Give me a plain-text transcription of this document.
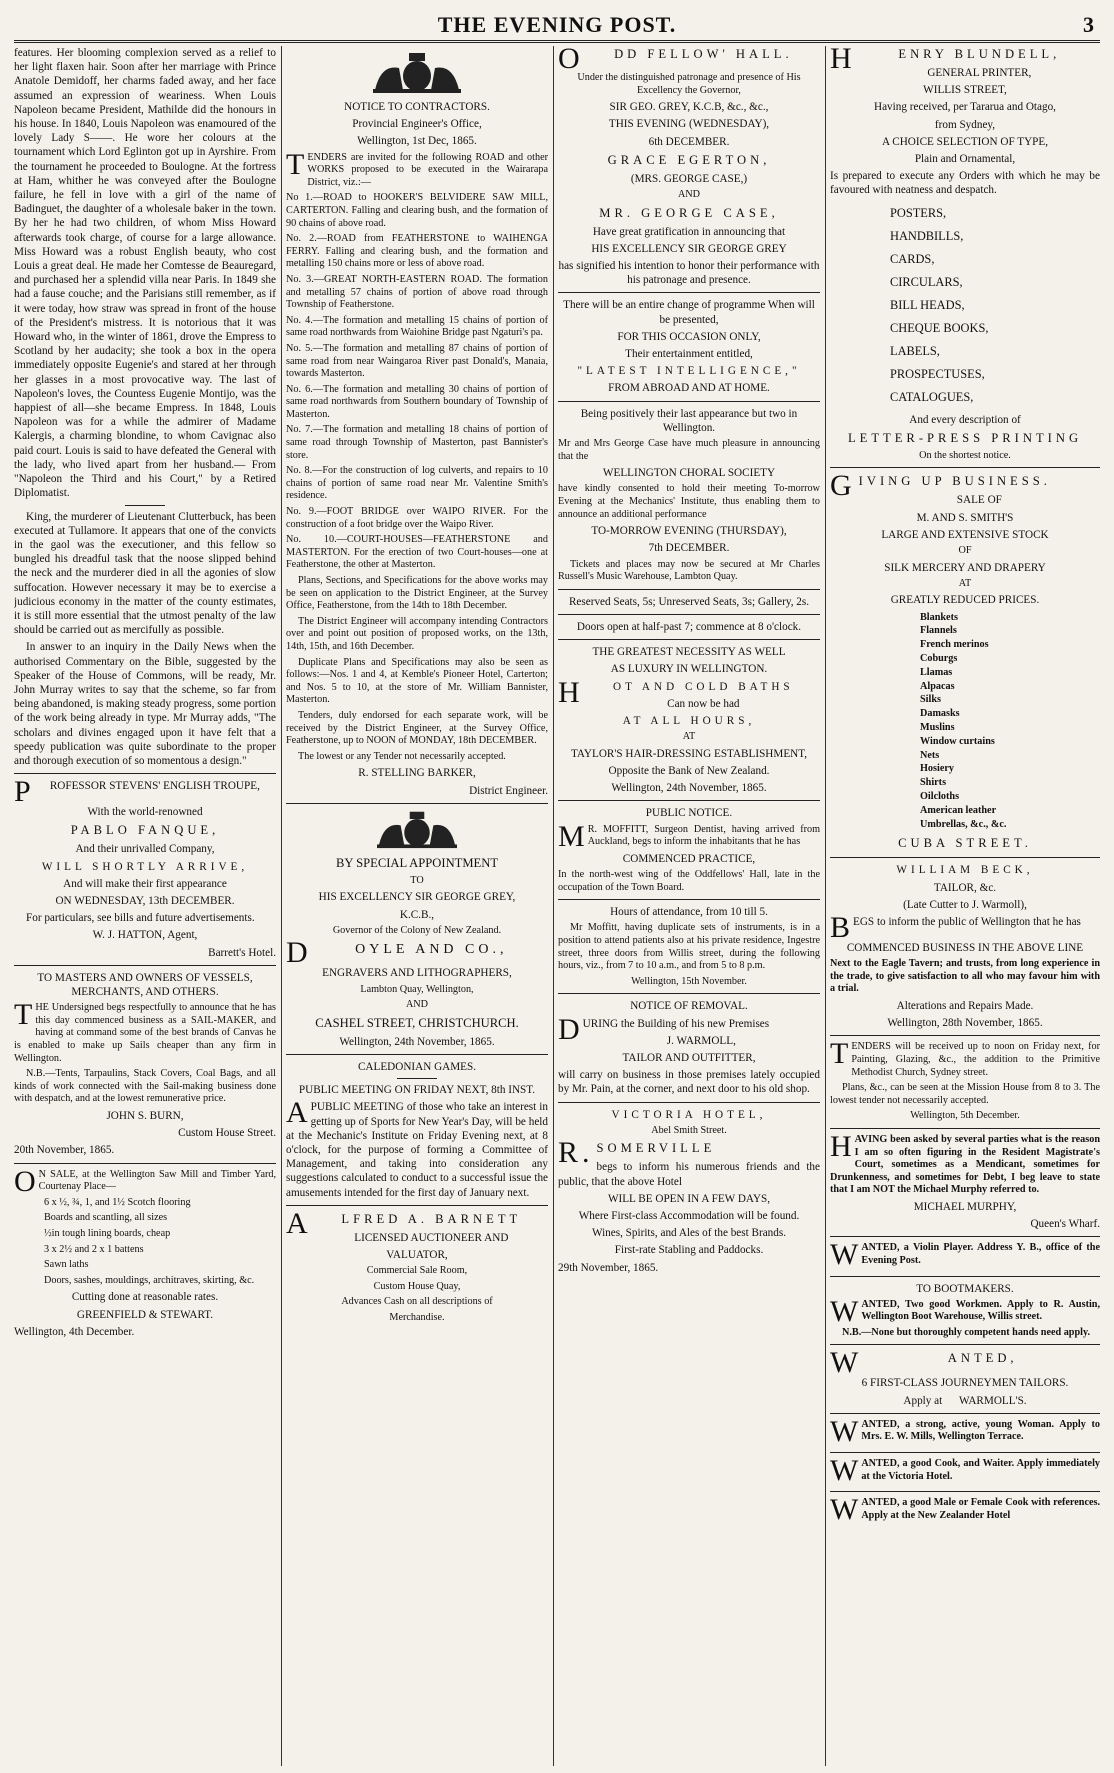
THE EVENING POST.	3

features. Her blooming complexion served as a relief to her light flaxen hair. Soon after her marriage with Prince Anatole Demidoff, her charms faded away, and her face assumed an expression of weariness. When Louis Napoleon became President, Mathilde did the honours in his house. In 1840, Louis Napoleon was enamoured of the lovely Lady S——. He wore her colours at the tournament which Lord Eglinton got up in Ayrshire. From the tournament he proceeded to Boulogne. At the fortress at Ham, whither he was conveyed after the Boulogne failure, he fell in love with a girl of the name of Badinguet, the daughter of a wholesale baker in the town. By her he had two children, of whom Miss Howard afterwards took charge, of course for a large allowance. Miss Howard was a robust English beauty, who cost Louis a great deal. He made her Comtesse de Beauregard, and purchased her a splendid villa near Paris. In 1849 she had a fause couche; and the Parisians still remember, as if it were today, how straw was spread in front of the house of the President's mistress. It is notorious that it was Howard who, in the winter of 1861, drove the Empress to Scotland by her audacity; she took a box in the opera immediately opposite Eugenie's and stared at her through her glasses in a most provocative way. The last of Napoleon's loves, the Countess Eugenie Montijo, was the happiest of all—she became Empress. In 1848, Louis Napoleon was for a while the admirer of Madame Kalergis, a charming blondine, to whom Cavignac also paid court. Louis is said to have defeated the General with the lady, who lived apart from her husband.— From "Napoleon the Third and his Court," by a Retired Diplomatist.

King, the murderer of Lieutenant Clutterbuck, has been executed at Tullamore. It appears that one of the convicts in the gaol was the executioner, and this fellow so bungled his dreadful task that the noose slipped behind the neck and the murderer died in all the agonies of slow suffocation. However necessary it may be to exercise a judicious economy in the matter of the county estimates, it is still more essential that the utmost penalty of the law should be carried out as mercifully as possible.

In answer to an inquiry in the Daily News when the authorised Commentary on the Bible, suggested by the Speaker of the House of Commons, will be ready, Mr. John Murray writes to say that the scheme, so far from being abandoned, is making steady progress, some portion of the work being already in type. Mr Murray adds, "The scholars and divines engaged upon it have felt that a speedy publication was quite subordinate to the proper and thorough execution of so momentous a design."

P ROFESSOR STEVENS' ENGLISH TROUPE,

With the world-renowned

PABLO FANQUE,

And their unrivalled Company,

WILL SHORTLY ARRIVE,

And will make their first appearance

ON WEDNESDAY, 13th DECEMBER.

For particulars, see bills and future advertisements.

W. J. HATTON, Agent,

Barrett's Hotel.

TO MASTERS AND OWNERS OF VESSELS, MERCHANTS, AND OTHERS.

THE Undersigned begs respectfully to announce that he has this day commenced business as a SAIL-MAKER, and having at command some of the best brands of Canvas he is enabled to make up Sails cheaper than any firm in Wellington.

N.B.—Tents, Tarpaulins, Stack Covers, Coal Bags, and all kinds of work connected with the Sail-making business done with despatch, and at the lowest remunerative price.

JOHN S. BURN,

Custom House Street.

20th November, 1865.

O N SALE, at the Wellington Saw Mill and Timber Yard, Courtenay Place—

6 x ½, ¾, 1, and 1½ Scotch flooring

Boards and scantling, all sizes

½in tough lining boards, cheap

3 x 2½ and 2 x 1 battens

Sawn laths

Doors, sashes, mouldings, architraves, skirting, &c.

Cutting done at reasonable rates.

GREENFIELD & STEWART.

Wellington, 4th December.

NOTICE TO CONTRACTORS.

Provincial Engineer's Office,

Wellington, 1st Dec, 1865.

TENDERS are invited for the following ROAD and other WORKS proposed to be executed in the Wairarapa District, viz.:—

No 1.—ROAD to HOOKER'S BELVIDERE SAW MILL, CARTERTON. Falling and clearing bush, and the formation of 90 chains of above road.

No. 2.—ROAD from FEATHERSTONE to WAIHENGA FERRY. Falling and clearing bush, and the formation and metalling 150 chains more or less of above road.

No. 3.—GREAT NORTH-EASTERN ROAD. The formation and metalling 57 chains of portion of above road through Township of Featherstone.

No. 4.—The formation and metalling 15 chains of portion of same road northwards from Waiohine Bridge past Ngaturi's pa.

No. 5.—The formation and metalling 87 chains of portion of same road from near Waingaroa River past Donald's, Manaia, towards Masterton.

No. 6.—The formation and metalling 30 chains of portion of same road northwards from Southern boundary of Township of Masterton.

No. 7.—The formation and metalling 18 chains of portion of same road through Township of Masterton, past Bannister's store.

No. 8.—For the construction of log culverts, and repairs to 10 chains of portion of same road near Mr. Valentine Smith's residence.

No. 9.—FOOT BRIDGE over WAIPO RIVER. For the construction of a foot bridge over the Waipo River.

No. 10.—COURT-HOUSES—FEATHERSTONE and MASTERTON. For the erection of two Court-houses—one at Featherstone, the other at Masterton.

Plans, Sections, and Specifications for the above works may be seen on application to the District Engineer, at the Survey Office, Featherstone, from the 14th to 18th December.

The District Engineer will accompany intending Contractors over and point out position of proposed works, on the 13th, 14th, 15th, and 16th December.

Duplicate Plans and Specifications may also be seen as follows:—Nos. 1 and 4, at Kemble's Pioneer Hotel, Carterton; and Nos. 5 to 10, at the store of Mr. William Bannister, Masterton.

Tenders, duly endorsed for each separate work, will be received by the District Engineer, at the Survey Office, Featherstone, up to NOON of MONDAY, 18th DECEMBER.

The lowest or any Tender not necessarily accepted.

R. STELLING BARKER,

District Engineer.

BY SPECIAL APPOINTMENT

TO

HIS EXCELLENCY SIR GEORGE GREY,

K.C.B.,

Governor of the Colony of New Zealand.

D	OYLE AND CO.,

ENGRAVERS AND LITHOGRAPHERS,

Lambton Quay, Wellington,

AND

CASHEL STREET, CHRISTCHURCH.

Wellington, 24th November, 1865.

CALEDONIAN GAMES.

PUBLIC MEETING ON FRIDAY NEXT, 8th INST.

APUBLIC MEETING of those who take an interest in getting up of Sports for New Year's Day, will be held at the Mechanic's Institute on Friday Evening next, at 8 o'clock, for the purpose of forming a Committee of Management, and taking into consideration any suggestions calculated to conduct to a successful issue the amusements intended for the first day of January next.

A LFRED A. BARNETT

LICENSED AUCTIONEER AND

VALUATOR,

Commercial Sale Room,

Custom House Quay,

Advances Cash on all descriptions of

Merchandise.

O DD FELLOW' HALL.

Under the distinguished patronage and presence of His Excellency the Governor,

SIR GEO. GREY, K.C.B, &c., &c.,

THIS EVENING (WEDNESDAY),

6th DECEMBER.

GRACE EGERTON,

(MRS. GEORGE CASE,)

AND

MR. GEORGE CASE,

Have great gratification in announcing that

HIS EXCELLENCY SIR GEORGE GREY

has signified his intention to honor their performance with his patronage and presence.

There will be an entire change of programme When will be presented,

FOR THIS OCCASION ONLY,

Their entertainment entitled,

"LATEST INTELLIGENCE,"

FROM ABROAD AND AT HOME.

Being positively their last appearance but two in Wellington.

Mr and Mrs George Case have much pleasure in announcing that the

WELLINGTON CHORAL SOCIETY

have kindly consented to hold their meeting To-morrow Evening at the Mechanics' Institute, thus enabling them to announce an additional performance

TO-MORROW EVENING (THURSDAY),

7th DECEMBER.

Tickets and places may now be secured at Mr Charles Russell's Music Warehouse, Lambton Quay.

Reserved Seats, 5s; Unreserved Seats, 3s; Gallery, 2s.

Doors open at half-past 7; commence at 8 o'clock.

THE GREATEST NECESSITY AS WELL

AS LUXURY IN WELLINGTON.

H	OT AND COLD BATHS

Can now be had

AT ALL HOURS,

AT

TAYLOR'S HAIR-DRESSING ESTABLISHMENT,

Opposite the Bank of New Zealand.

Wellington, 24th November, 1865.

PUBLIC NOTICE.

M R. MOFFITT, Surgeon Dentist, having arrived from Auckland, begs to inform the inhabitants that he has

COMMENCED PRACTICE,

In the north-west wing of the Oddfellows' Hall, late in the occupation of the Town Board.

Hours of attendance, from 10 till 5.

Mr Moffitt, having duplicate sets of instruments, is in a position to attend patients also at his private residence, Ingestre street, three doors from Willis street, during the following hours, viz., from 7 to 10 a.m., and from 5 to 8 p.m.

Wellington, 15th November.

NOTICE OF REMOVAL.

DURING the Building of his new Premises

J. WARMOLL,

TAILOR AND OUTFITTER,

will carry on business in those premises lately occupied by Mr. Pain, at the corner, and next door to his old shop.

VICTORIA HOTEL,

Abel Smith Street.

R. SOMERVILLE

begs to inform his numerous friends and the public, that the above Hotel

WILL BE OPEN IN A FEW DAYS,

Where First-class Accommodation will be found.

Wines, Spirits, and Ales of the best Brands.

First-rate Stabling and Paddocks.

29th November, 1865.

H	ENRY BLUNDELL,

GENERAL PRINTER,

WILLIS STREET,

Having received, per Tararua and Otago,

from Sydney,

A CHOICE SELECTION OF TYPE,

Plain and Ornamental,

Is prepared to execute any Orders with which he may be favoured with neatness and despatch.

POSTERS,
HANDBILLS,
CARDS,
CIRCULARS,
BILL HEADS,
CHEQUE BOOKS,
LABELS,
PROSPECTUSES,
CATALOGUES,

And every description of

LETTER-PRESS PRINTING

On the shortest notice.

GIVING UP BUSINESS.

SALE OF

M. AND S. SMITH'S

LARGE AND EXTENSIVE STOCK

OF

SILK MERCERY AND DRAPERY

AT

GREATLY REDUCED PRICES.

Blankets
Flannels
French merinos
Coburgs
Llamas
Alpacas
Silks
Damasks
Muslins
Window curtains
Nets
Hosiery
Shirts
Oilcloths
American leather
Umbrellas, &c., &c.

CUBA STREET.

WILLIAM BECK,

TAILOR, &c.

(Late Cutter to J. Warmoll),

BEGS to inform the public of Wellington that he has

COMMENCED BUSINESS IN THE ABOVE LINE

Next to the Eagle Tavern; and trusts, from long experience in the trade, to give satisfaction to all who may favour him with a trial.

Alterations and Repairs Made.

Wellington, 28th November, 1865.

TENDERS will be received up to noon on Friday next, for Painting, Glazing, &c., the addition to the Primitive Methodist Church, Sydney street.

Plans, &c., can be seen at the Mission House from 8 to 3. The lowest tender not necessarily accepted.

Wellington, 5th December.

HAVING been asked by several parties what is the reason I am so often figuring in the Resident Magistrate's Court, sometimes as a Mendicant, sometimes for Drunkenness, and sometimes for Debt, I beg leave to state that I am NOT the Michael Murphy referred to.

MICHAEL MURPHY,

Queen's Wharf.

WANTED, a Violin Player. Address Y. B., office of the Evening Post.

TO BOOTMAKERS.

WANTED, Two good Workmen. Apply to R. Austin, Wellington Boot Warehouse, Willis street.

N.B.—None but thoroughly competent hands need apply.

W	ANTED,

6 FIRST-CLASS JOURNEYMEN TAILORS.

Apply at WARMOLL'S.

WANTED, a strong, active, young Woman. Apply to Mrs. E. W. Mills, Wellington Terrace.

WANTED, a good Cook, and Waiter. Apply immediately at the Victoria Hotel.

WANTED, a good Male or Female Cook with references. Apply at the New Zealander Hotel
